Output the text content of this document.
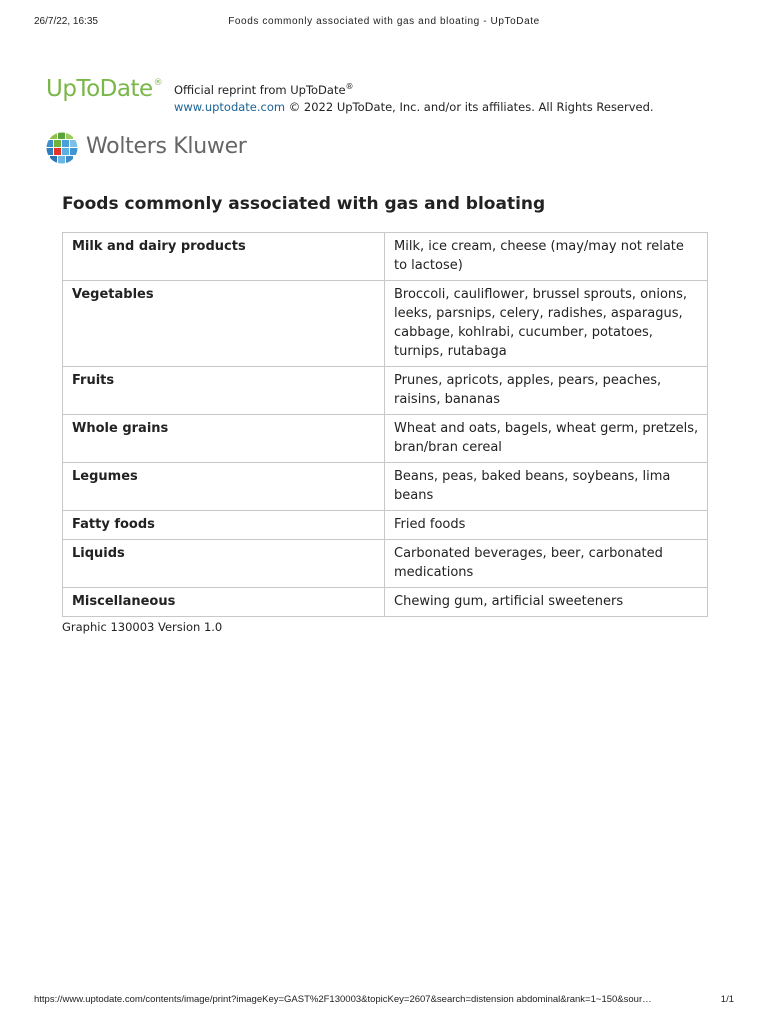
26/7/22, 16:35	Foods commonly associated with gas and bloating - UpToDate
UpToDate® Official reprint from UpToDate®
www.uptodate.com © 2022 UpToDate, Inc. and/or its affiliates. All Rights Reserved.
Wolters Kluwer
Foods commonly associated with gas and bloating
Milk and dairy products	Milk, ice cream, cheese (may/may not relate to lactose)
Vegetables	Broccoli, cauliflower, brussel sprouts, onions, leeks, parsnips, celery, radishes, asparagus, cabbage, kohlrabi, cucumber, potatoes, turnips, rutabaga
Fruits	Prunes, apricots, apples, pears, peaches, raisins, bananas
Whole grains	Wheat and oats, bagels, wheat germ, pretzels, bran/bran cereal
Legumes	Beans, peas, baked beans, soybeans, lima beans
Fatty foods	Fried foods
Liquids	Carbonated beverages, beer, carbonated medications
Miscellaneous	Chewing gum, artificial sweeteners
Graphic 130003 Version 1.0
https://www.uptodate.com/contents/image/print?imageKey=GAST%2F130003&topicKey=2607&search=distension abdominal&rank=1~150&sour…	1/1
